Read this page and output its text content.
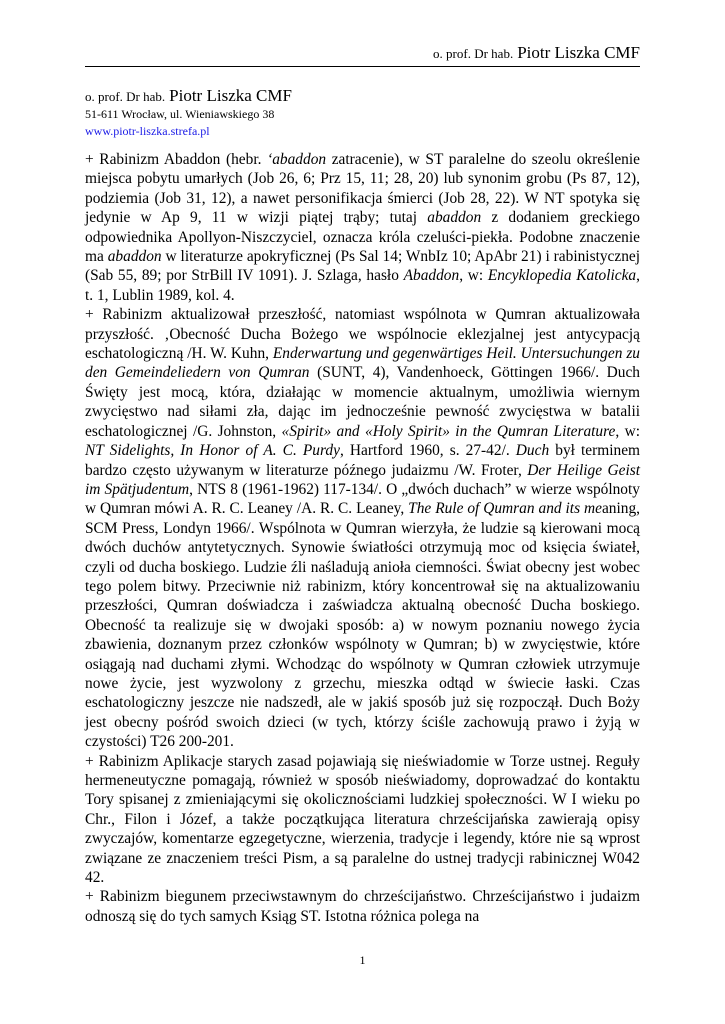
o. prof. Dr hab. Piotr Liszka CMF
o. prof. Dr hab. Piotr Liszka CMF
51-611 Wrocław, ul. Wieniawskiego 38
www.piotr-liszka.strefa.pl

+ Rabinizm Abaddon (hebr. ‘abaddon zatracenie), w ST paralelne do szeolu określenie miejsca pobytu umarłych (Job 26, 6; Prz 15, 11; 28, 20) lub synonim grobu (Ps 87, 12), podziemia (Job 31, 12), a nawet personifikacja śmierci (Job 28, 22). W NT spotyka się jedynie w Ap 9, 11 w wizji piątej trąby; tutaj abaddon z dodaniem greckiego odpowiednika Apollyon-Niszczyciel, oznacza króla czeluści-piekła. Podobne znaczenie ma abaddon w literaturze apokryficznej (Ps Sal 14; WnbIz 10; ApAbr 21) i rabinistycznej (Sab 55, 89; por StrBill IV 1091). J. Szlaga, hasło Abaddon, w: Encyklopedia Katolicka, t. 1, Lublin 1989, kol. 4.

+ Rabinizm aktualizował przeszłość, natomiast wspólnota w Qumran aktualizowała przyszłość. ‚Obecność Ducha Bożego we wspólnocie eklezjalnej jest antycypacją eschatologiczną /H. W. Kuhn, Enderwartung und gegenwärtiges Heil. Untersuchungen zu den Gemeindeliedern von Qumran (SUNT, 4), Vandenhoeck, Göttingen 1966/. Duch Święty jest mocą, która, działając w momencie aktualnym, umożliwia wiernym zwycięstwo nad siłami zła, dając im jednocześnie pewność zwycięstwa w batalii eschatologicznej /G. Johnston, «Spirit» and «Holy Spirit» in the Qumran Literature, w: NT Sidelights, In Honor of A. C. Purdy, Hartford 1960, s. 27-42/. Duch był terminem bardzo często używanym w literaturze późnego judaizmu /W. Froter, Der Heilige Geist im Spätjudentum, NTS 8 (1961-1962) 117-134/. O „dwóch duchach” w wierze wspólnoty w Qumran mówi A. R. C. Leaney /A. R. C. Leaney, The Rule of Qumran and its meaning, SCM Press, Londyn 1966/. Wspólnota w Qumran wierzyła, że ludzie są kierowani mocą dwóch duchów antytetycznych. Synowie światłości otrzymują moc od księcia świateł, czyli od ducha boskiego. Ludzie źli naśladują anioła ciemności. Świat obecny jest wobec tego polem bitwy. Przeciwnie niż rabinizm, który koncentrował się na aktualizowaniu przeszłości, Qumran doświadcza i zaświadcza aktualną obecność Ducha boskiego. Obecność ta realizuje się w dwojaki sposób: a) w nowym poznaniu nowego życia zbawienia, doznanym przez członków wspólnoty w Qumran; b) w zwycięstwie, które osiągają nad duchami złymi. Wchodząc do wspólnoty w Qumran człowiek utrzymuje nowe życie, jest wyzwolony z grzechu, mieszka odtąd w świecie łaski. Czas eschatologiczny jeszcze nie nadszedł, ale w jakiś sposób już się rozpoczął. Duch Boży jest obecny pośród swoich dzieci (w tych, którzy ściśle zachowują prawo i żyją w czystości) T26 200-201.

+ Rabinizm Aplikacje starych zasad pojawiają się nieświadomie w Torze ustnej. Reguły hermeneutyczne pomagają, również w sposób nieświadomy, doprowadzać do kontaktu Tory spisanej z zmieniającymi się okolicznościami ludzkiej społeczności. W I wieku po Chr., Filon i Józef, a także początkująca literatura chrześcijańska zawierają opisy zwyczajów, komentarze egzegetyczne, wierzenia, tradycje i legendy, które nie są wprost związane ze znaczeniem treści Pism, a są paralelne do ustnej tradycji rabinicznej W042 42.

+ Rabinizm biegunem przeciwstawnym do chrześcijaństwo. Chrześcijaństwo i judaizm odnoszą się do tych samych Ksiąg ST. Istotna różnica polega na

1
